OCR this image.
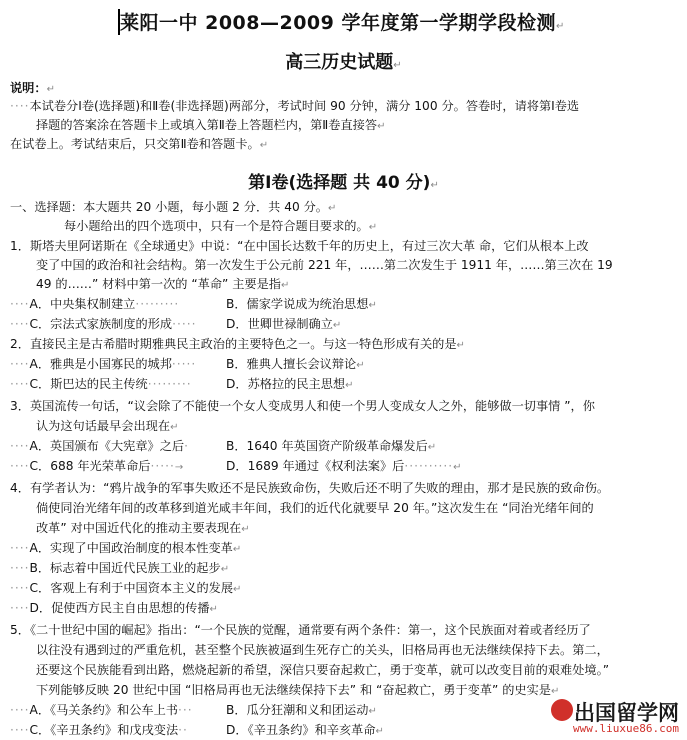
莱阳一中 2008—2009 学年度第一学期学段检测↵
高三历史试题↵
说明：↵
····本试卷分Ⅰ卷(选择题)和Ⅱ卷(非选择题)两部分，考试时间 90 分钟，满分 100 分。答卷时，请将第Ⅰ卷选
择题的答案涂在答题卡上或填入第Ⅱ卷上答题栏内，第Ⅱ卷直接答↵
在试卷上。考试结束后，只交第Ⅱ卷和答题卡。↵
第Ⅰ卷(选择题 共 40 分)↵
一、选择题：本大题共 20 小题，每小题 2 分．共 40 分。↵
每小题给出的四个选项中，只有一个是符合题目要求的。↵
1．斯塔夫里阿诺斯在《全球通史》中说：“在中国长达数千年的历史上，有过三次大革 命，它们从根本上改
变了中国的政治和社会结构。第一次发生于公元前 221 年，……第二次发生于 1911 年，……第三次在 19
49 的……” 材料中第一次的 “革命” 主要是指↵
····A．中央集权制建立·········	B．儒家学说成为统治思想↵
····C．宗法式家族制度的形成····· D．世卿世禄制确立↵
2．直接民主是古希腊时期雅典民主政治的主要特色之一。与这一特色形成有关的是↵
····A．雅典是小国寡民的城邦····· B．雅典人擅长会议辩论↵
····C．斯巴达的民主传统·········	D．苏格拉的民主思想↵
3．英国流传一句话，“议会除了不能使一个女人变成男人和使一个男人变成女人之外，能够做一切事情 ”，你
认为这句话最早会出现在↵
····A．英国颁布《大宪章》之后·	B．1640 年英国资产阶级革命爆发后↵
····C．688 年光荣革命后·····→	D．1689 年通过《权利法案》后··········↵
4．有学者认为：“鸦片战争的军事失败还不是民族致命伤，失败后还不明了失败的理由，那才是民族的致命伤。
倘使同治光绪年间的改革移到道光咸丰年间，我们的近代化就要早 20 年。”这次发生在 “同治光绪年间的
改革” 对中国近代化的推动主要表现在↵
····A．实现了中国政治制度的根本性变革↵
····B．标志着中国近代民族工业的起步↵
····C．客观上有利于中国资本主义的发展↵
····D．促使西方民主自由思想的传播↵
5．《二十世纪中国的崛起》指出：“一个民族的觉醒，通常要有两个条件：第一，这个民族面对着或者经历了
以往没有遇到过的严重危机，甚至整个民族被逼到生死存亡的关头，旧格局再也无法继续保持下去。第二，
还要这个民族能看到出路，燃烧起新的希望，深信只要奋起救亡，勇于变革，就可以改变目前的艰难处境。”
下列能够反映 20 世纪中国 “旧格局再也无法继续保持下去” 和 “奋起救亡，勇于变革” 的史实是↵
····A．《马关条约》和公车上书···	B．瓜分狂潮和义和团运动↵
····C．《辛丑条约》和戊戌变法··	D．《辛丑条约》和辛亥革命↵
出国留学网
www.liuxue86.com
